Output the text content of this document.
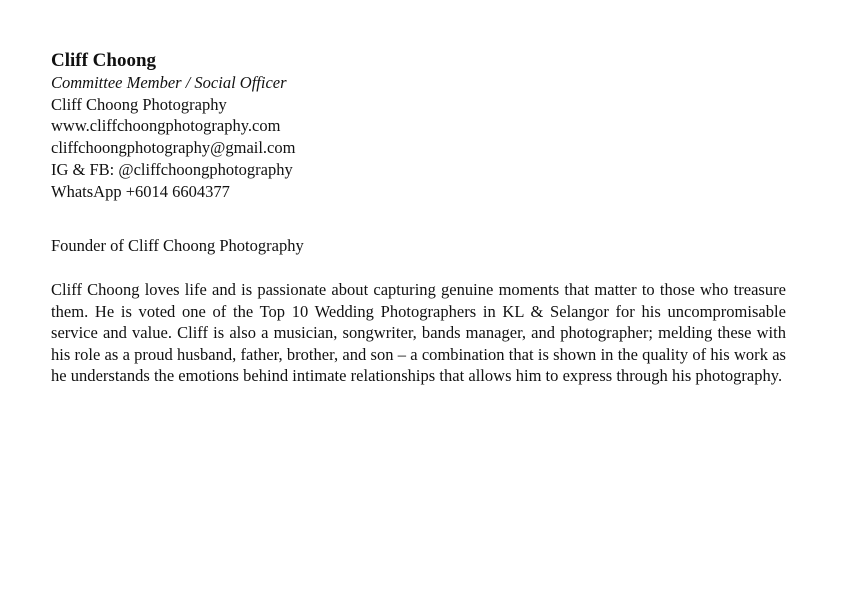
Cliff Choong

Committee Member / Social Officer

Cliff Choong Photography

www.cliffchoongphotography.com

cliffchoongphotography@gmail.com

IG & FB: @cliffchoongphotography

WhatsApp +6014 6604377

Founder of Cliff Choong Photography

Cliff Choong loves life and is passionate about capturing genuine moments that matter to those who treasure them. He is voted one of the Top 10 Wedding Photographers in KL & Selangor for his uncompromisable service and value. Cliff is also a musician, songwriter, bands manager, and photographer; melding these with his role as a proud husband, father, brother, and son – a combination that is shown in the quality of his work as he understands the emotions behind intimate relationships that allows him to express through his photography.
